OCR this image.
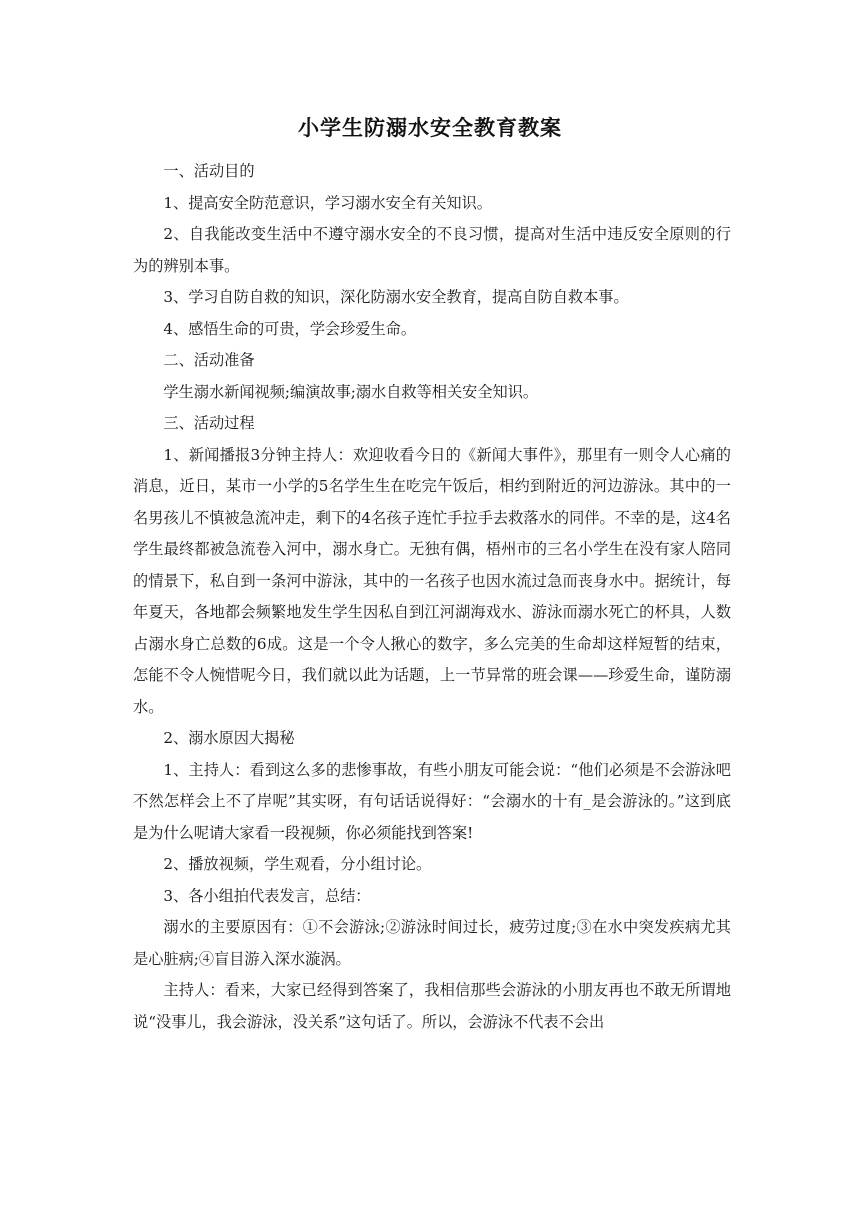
小学生防溺水安全教育教案

一、活动目的

1、提高安全防范意识，学习溺水安全有关知识。

2、自我能改变生活中不遵守溺水安全的不良习惯，提高对生活中违反安全原则的行为的辨别本事。

3、学习自防自救的知识，深化防溺水安全教育，提高自防自救本事。

4、感悟生命的可贵，学会珍爱生命。

二、活动准备

学生溺水新闻视频;编演故事;溺水自救等相关安全知识。

三、活动过程

1、新闻播报3分钟主持人：欢迎收看今日的《新闻大事件》，那里有一则令人心痛的消息，近日，某市一小学的5名学生生在吃完午饭后，相约到附近的河边游泳。其中的一名男孩儿不慎被急流冲走，剩下的4名孩子连忙手拉手去救落水的同伴。不幸的是，这4名学生最终都被急流卷入河中，溺水身亡。无独有偶，梧州市的三名小学生在没有家人陪同的情景下，私自到一条河中游泳，其中的一名孩子也因水流过急而丧身水中。据统计，每年夏天，各地都会频繁地发生学生因私自到江河湖海戏水、游泳而溺水死亡的杯具，人数占溺水身亡总数的6成。这是一个令人揪心的数字，多么完美的生命却这样短暂的结束，怎能不令人惋惜呢今日，我们就以此为话题，上一节异常的班会课——珍爱生命，谨防溺水。

2、溺水原因大揭秘

1、主持人：看到这么多的悲惨事故，有些小朋友可能会说：“他们必须是不会游泳吧不然怎样会上不了岸呢”其实呀，有句话话说得好：“会溺水的十有_是会游泳的。”这到底是为什么呢请大家看一段视频，你必须能找到答案!

2、播放视频，学生观看，分小组讨论。

3、各小组拍代表发言，总结：

溺水的主要原因有：①不会游泳;②游泳时间过长，疲劳过度;③在水中突发疾病尤其是心脏病;④盲目游入深水漩涡。

主持人：看来，大家已经得到答案了，我相信那些会游泳的小朋友再也不敢无所谓地说“没事儿，我会游泳，没关系”这句话了。所以，会游泳不代表不会出
